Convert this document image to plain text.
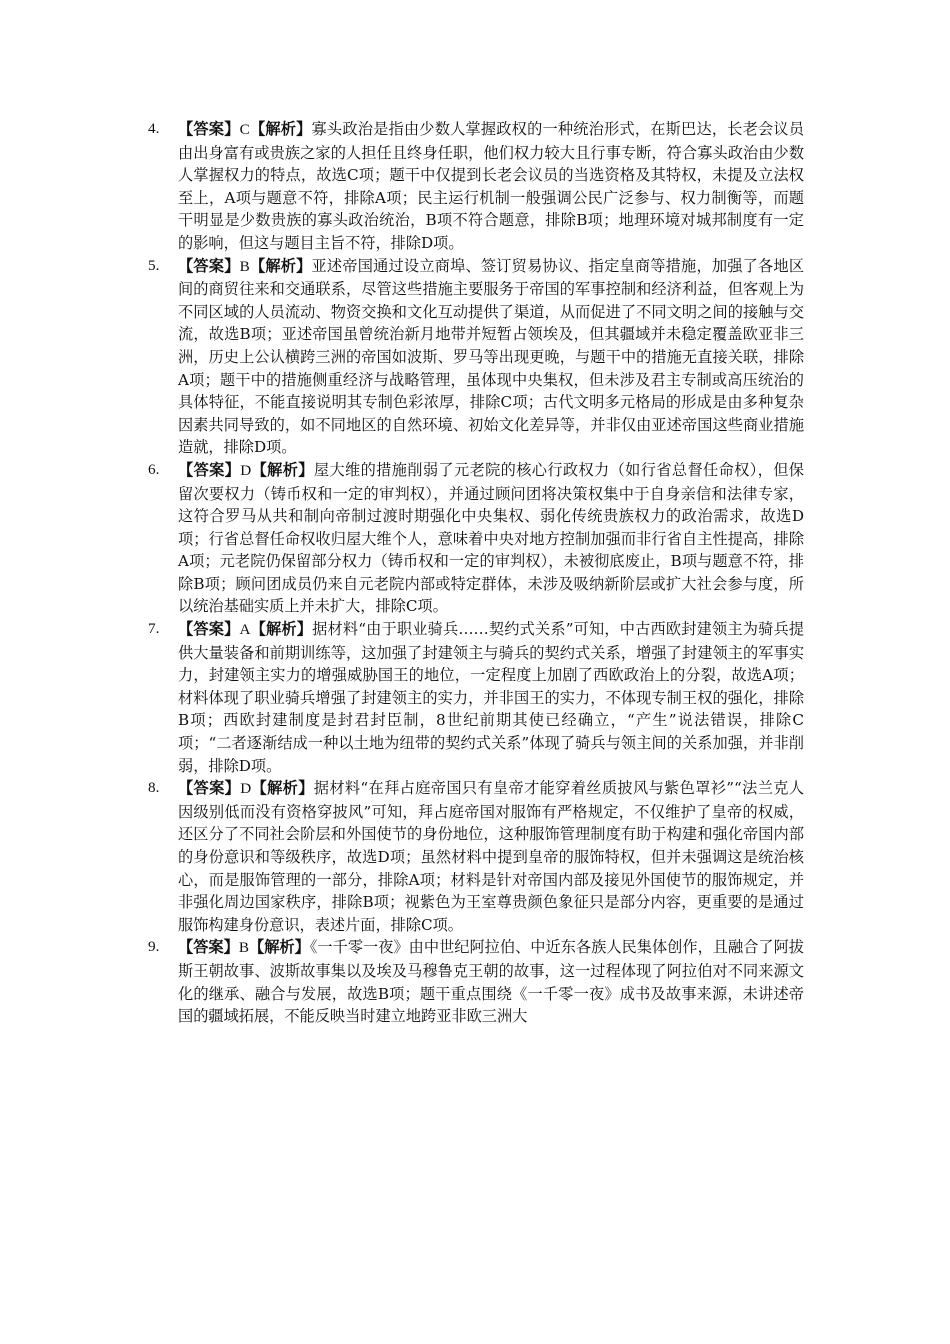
4. 【答案】C【解析】寡头政治是指由少数人掌握政权的一种统治形式，在斯巴达，长老会议员由出身富有或贵族之家的人担任且终身任职，他们权力较大且行事专断，符合寡头政治由少数人掌握权力的特点，故选C项；题干中仅提到长老会议员的当选资格及其特权，未提及立法权至上，A项与题意不符，排除A项；民主运行机制一般强调公民广泛参与、权力制衡等，而题干明显是少数贵族的寡头政治统治，B项不符合题意，排除B项；地理环境对城邦制度有一定的影响，但这与题目主旨不符，排除D项。
5. 【答案】B【解析】亚述帝国通过设立商埠、签订贸易协议、指定皇商等措施，加强了各地区间的商贸往来和交通联系，尽管这些措施主要服务于帝国的军事控制和经济利益，但客观上为不同区域的人员流动、物资交换和文化互动提供了渠道，从而促进了不同文明之间的接触与交流，故选B项；亚述帝国虽曾统治新月地带并短暂占领埃及，但其疆域并未稳定覆盖欧亚非三洲，历史上公认横跨三洲的帝国如波斯、罗马等出现更晚，与题干中的措施无直接关联，排除A项；题干中的措施侧重经济与战略管理，虽体现中央集权，但未涉及君主专制或高压统治的具体特征，不能直接说明其专制色彩浓厚，排除C项；古代文明多元格局的形成是由多种复杂因素共同导致的，如不同地区的自然环境、初始文化差异等，并非仅由亚述帝国这些商业措施造就，排除D项。
6. 【答案】D【解析】屋大维的措施削弱了元老院的核心行政权力（如行省总督任命权），但保留次要权力（铸币权和一定的审判权），并通过顾问团将决策权集中于自身亲信和法律专家，这符合罗马从共和制向帝制过渡时期强化中央集权、弱化传统贵族权力的政治需求，故选D项；行省总督任命权收归屋大维个人，意味着中央对地方控制加强而非行省自主性提高，排除A项；元老院仍保留部分权力（铸币权和一定的审判权），未被彻底废止，B项与题意不符，排除B项；顾问团成员仍来自元老院内部或特定群体，未涉及吸纳新阶层或扩大社会参与度，所以统治基础实质上并未扩大，排除C项。
7. 【答案】A【解析】据材料“由于职业骑兵……契约式关系”可知，中古西欧封建领主为骑兵提供大量装备和前期训练等，这加强了封建领主与骑兵的契约式关系，增强了封建领主的军事实力，封建领主实力的增强威胁国王的地位，一定程度上加剧了西欧政治上的分裂，故选A项；材料体现了职业骑兵增强了封建领主的实力，并非国王的实力，不体现专制王权的强化，排除B项；西欧封建制度是封君封臣制，8世纪前期其使已经确立，“产生”说法错误，排除C项；“二者逐渐结成一种以土地为纽带的契约式关系”体现了骑兵与领主间的关系加强，并非削弱，排除D项。
8. 【答案】D【解析】据材料“在拜占庭帝国只有皇帝才能穿着丝质披风与紫色罩衫”“法兰克人因级别低而没有资格穿披风”可知，拜占庭帝国对服饰有严格规定，不仅维护了皇帝的权威，还区分了不同社会阶层和外国使节的身份地位，这种服饰管理制度有助于构建和强化帝国内部的身份意识和等级秩序，故选D项；虽然材料中提到皇帝的服饰特权，但并未强调这是统治核心，而是服饰管理的一部分，排除A项；材料是针对帝国内部及接见外国使节的服饰规定，并非强化周边国家秩序，排除B项；视紫色为王室尊贵颜色象征只是部分内容，更重要的是通过服饰构建身份意识，表述片面，排除C项。
9. 【答案】B【解析】《一千零一夜》由中世纪阿拉伯、中近东各族人民集体创作，且融合了阿拔斯王朝故事、波斯故事集以及埃及马穆鲁克王朝的故事，这一过程体现了阿拉伯对不同来源文化的继承、融合与发展，故选B项；题干重点围绕《一千零一夜》成书及故事来源，未讲述帝国的疆域拓展，不能反映当时建立地跨亚非欧三洲大
